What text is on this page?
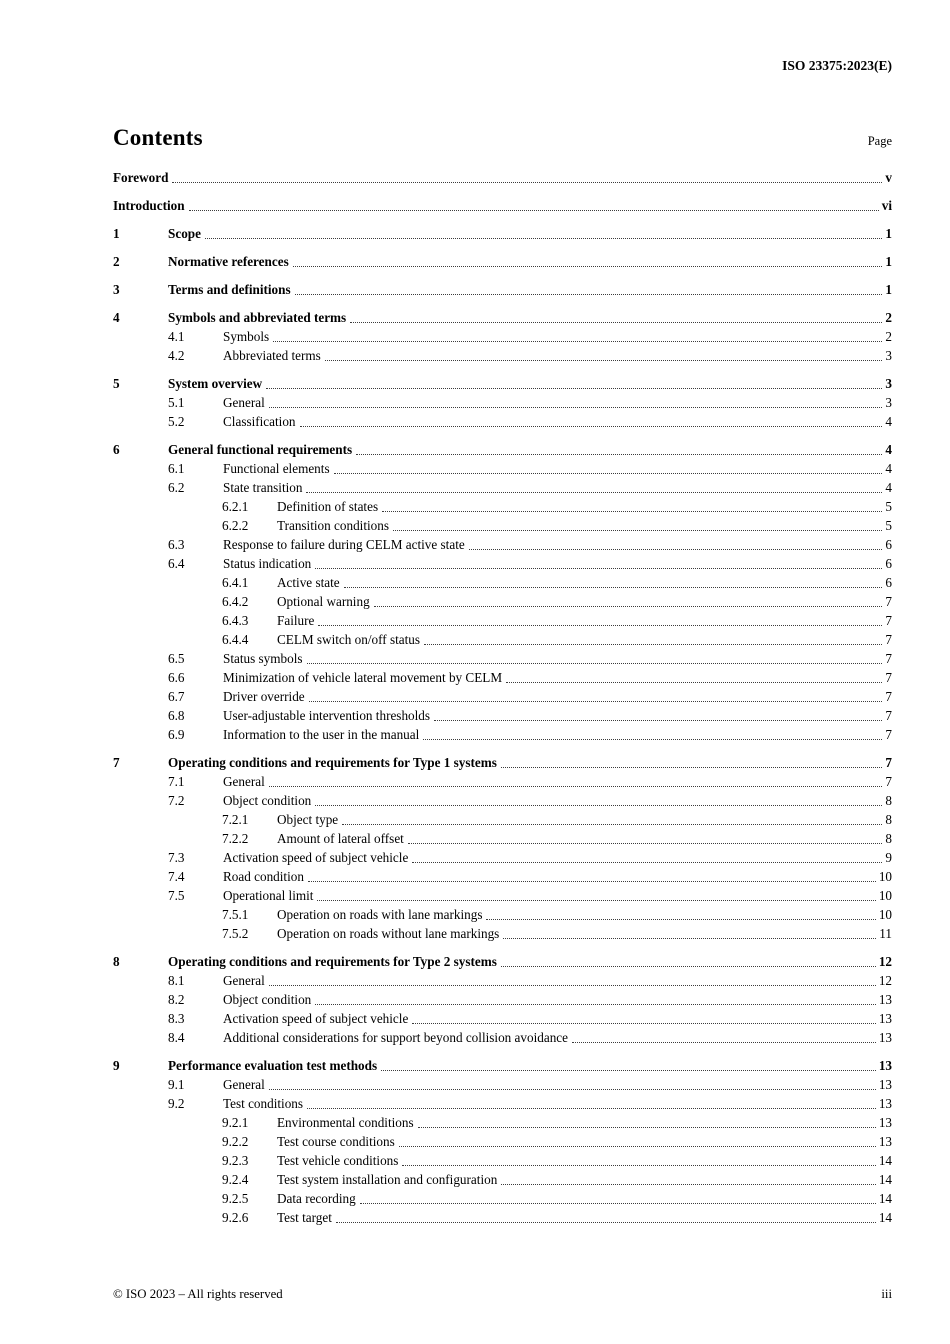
ISO 23375:2023(E)
Contents	Page
Foreword	v
Introduction	vi
1	Scope	1
2	Normative references	1
3	Terms and definitions	1
4	Symbols and abbreviated terms	2
4.1	Symbols	2
4.2	Abbreviated terms	3
5	System overview	3
5.1	General	3
5.2	Classification	4
6	General functional requirements	4
6.1	Functional elements	4
6.2	State transition	4
6.2.1	Definition of states	5
6.2.2	Transition conditions	5
6.3	Response to failure during CELM active state	6
6.4	Status indication	6
6.4.1	Active state	6
6.4.2	Optional warning	7
6.4.3	Failure	7
6.4.4	CELM switch on/off status	7
6.5	Status symbols	7
6.6	Minimization of vehicle lateral movement by CELM	7
6.7	Driver override	7
6.8	User-adjustable intervention thresholds	7
6.9	Information to the user in the manual	7
7	Operating conditions and requirements for Type 1 systems	7
7.1	General	7
7.2	Object condition	8
7.2.1	Object type	8
7.2.2	Amount of lateral offset	8
7.3	Activation speed of subject vehicle	9
7.4	Road condition	10
7.5	Operational limit	10
7.5.1	Operation on roads with lane markings	10
7.5.2	Operation on roads without lane markings	11
8	Operating conditions and requirements for Type 2 systems	12
8.1	General	12
8.2	Object condition	13
8.3	Activation speed of subject vehicle	13
8.4	Additional considerations for support beyond collision avoidance	13
9	Performance evaluation test methods	13
9.1	General	13
9.2	Test conditions	13
9.2.1	Environmental conditions	13
9.2.2	Test course conditions	13
9.2.3	Test vehicle conditions	14
9.2.4	Test system installation and configuration	14
9.2.5	Data recording	14
9.2.6	Test target	14
© ISO 2023 – All rights reserved	iii
